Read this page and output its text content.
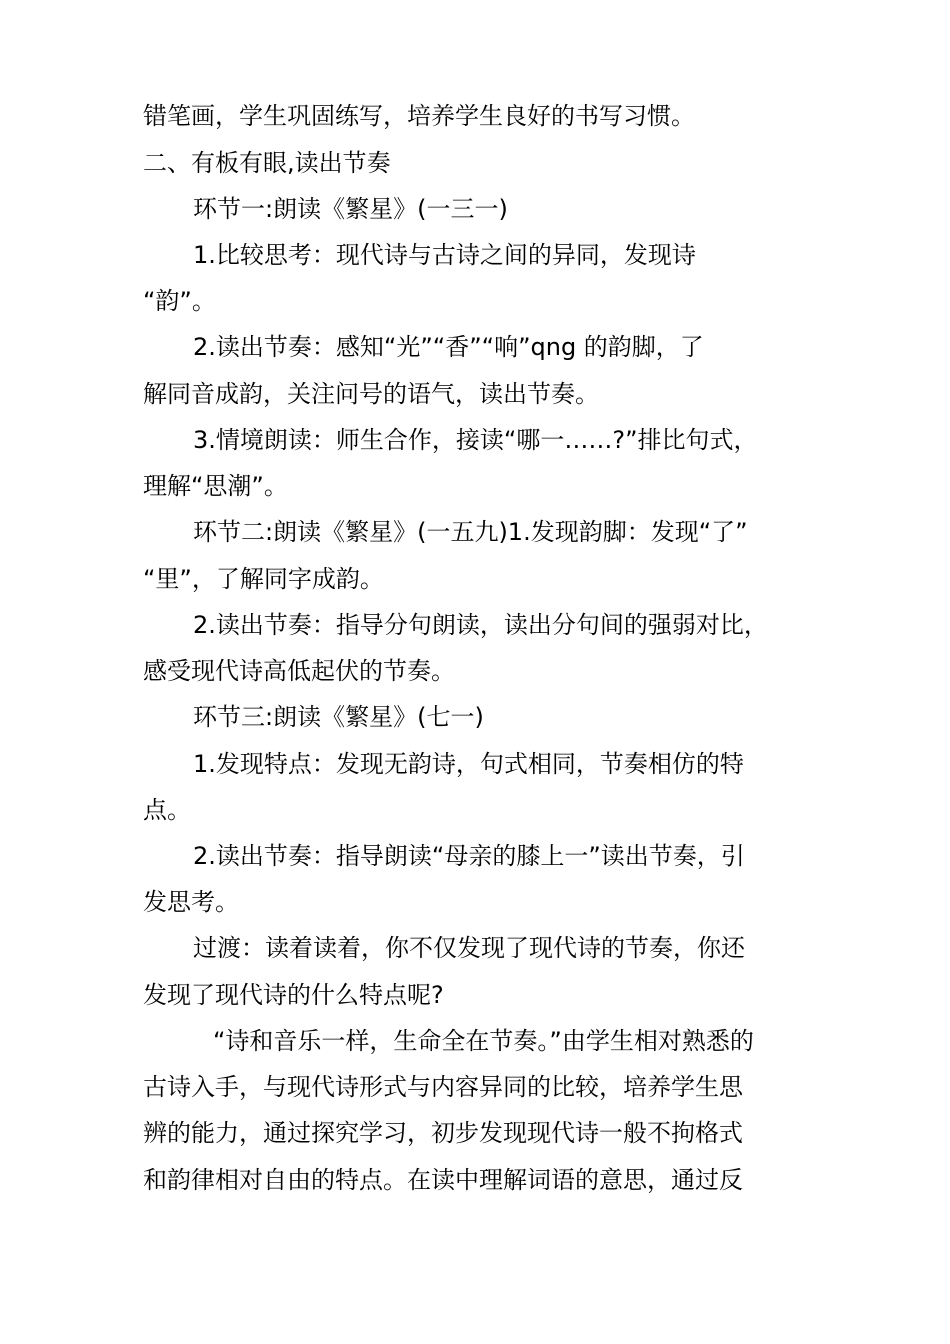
错笔画，学生巩固练写，培养学生良好的书写习惯。
二、有板有眼,读出节奏
环节一:朗读《繁星》(一三一)
1.比较思考：现代诗与古诗之间的异同，发现诗
“韵”。
2.读出节奏：感知“光”“香”“响”qng 的韵脚，了
解同音成韵，关注问号的语气，读出节奏。
3.情境朗读：师生合作，接读“哪一……?”排比句式，
理解“思潮”。
环节二:朗读《繁星》(一五九)1.发现韵脚：发现“了”
“里”，了解同字成韵。
2.读出节奏：指导分句朗读，读出分句间的强弱对比，
感受现代诗高低起伏的节奏。
环节三:朗读《繁星》(七一)
1.发现特点：发现无韵诗，句式相同，节奏相仿的特
点。
2.读出节奏：指导朗读“母亲的膝上一”读出节奏，引
发思考。
过渡：读着读着，你不仅发现了现代诗的节奏，你还
发现了现代诗的什么特点呢?
“诗和音乐一样，生命全在节奏。”由学生相对熟悉的
古诗入手，与现代诗形式与内容异同的比较，培养学生思
辨的能力，通过探究学习，初步发现现代诗一般不拘格式
和韵律相对自由的特点。在读中理解词语的意思，通过反
